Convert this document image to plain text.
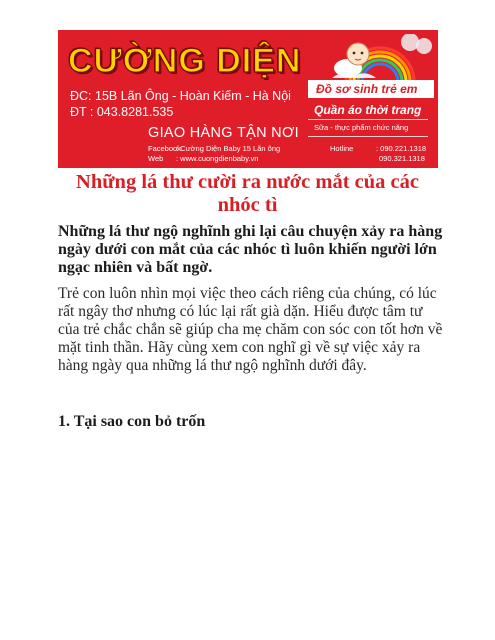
CƯỜNG DIỆN
ĐC: 15B Lãn Ông - Hoàn Kiếm - Hà Nội
ĐT : 043.8281.535
GIAO HÀNG TẬN NƠI
Facebook: Cường Diện Baby 15 Lãn ông
Web : www.cuongdienbaby.vn
Đồ sơ sinh trẻ em
Quần áo thời trang
Sữa - thực phẩm chức năng
Hotline	: 090.221.1318
090.321.1318
Những lá thư cười ra nước mắt của các nhóc tì

Những lá thư ngộ nghĩnh ghi lại câu chuyện xảy ra hàng ngày dưới con mắt của các nhóc tì luôn khiến người lớn ngạc nhiên và bất ngờ.

Trẻ con luôn nhìn mọi việc theo cách riêng của chúng, có lúc rất ngây thơ nhưng có lúc lại rất già dặn. Hiểu được tâm tư của trẻ chắc chắn sẽ giúp cha mẹ chăm con sóc con tốt hơn về mặt tinh thần. Hãy cùng xem con nghĩ gì về sự việc xảy ra hàng ngày qua những lá thư ngộ nghĩnh dưới đây.

1. Tại sao con bỏ trốn
